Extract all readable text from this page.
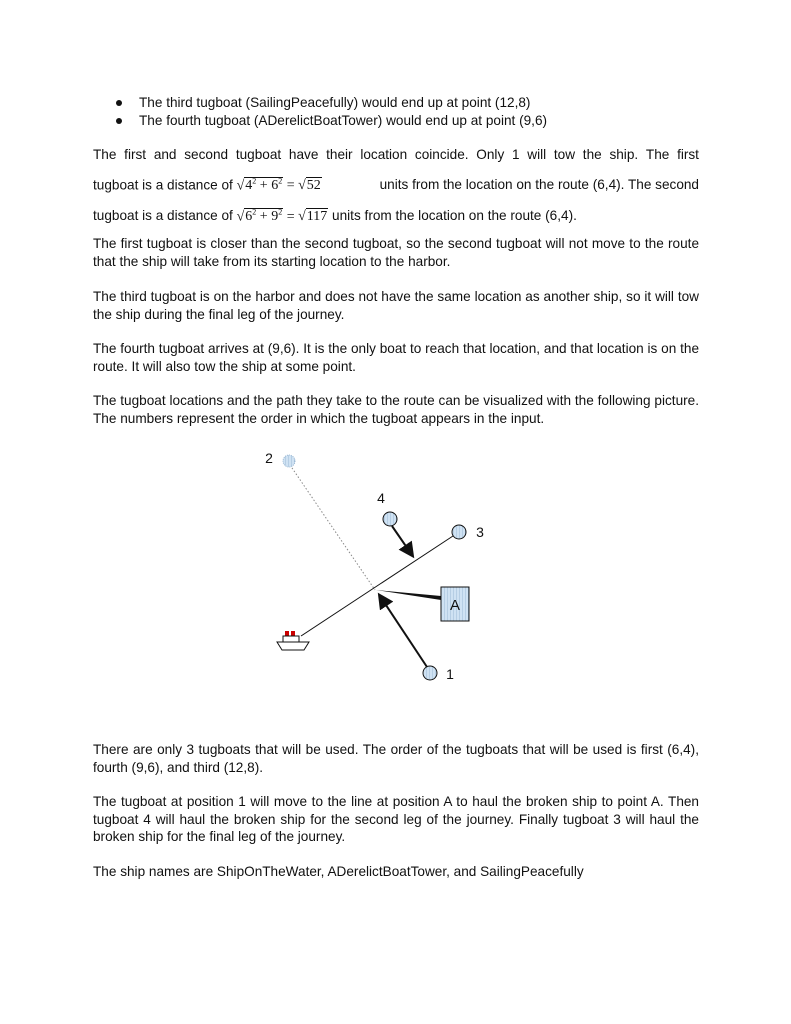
The third tugboat (SailingPeacefully) would end up at point (12,8)
The fourth tugboat (ADerelictBoatTower) would end up at point (9,6)
The first and second tugboat have their location coincide. Only 1 will tow the ship. The first
tugboat is a distance of $√4^2 + 6^2 = √52$	units from the location on the route (6,4). The second
tugboat is a distance of
$√6^2 + 9^2 = √117$
units from the location on the route (6,4).

The first tugboat is closer than the second tugboat, so the second tugboat will not move to the route that the ship will take from its starting location to the harbor.

The third tugboat is on the harbor and does not have the same location as another ship, so it will tow the ship during the final leg of the journey.

The fourth tugboat arrives at (9,6). It is the only boat to reach that location, and that location is on the route. It will also tow the ship at some point.

The tugboat locations and the path they take to the route can be visualized with the following picture. The numbers represent the order in which the tugboat appears in the input.

A
2
4
3
1

There are only 3 tugboats that will be used. The order of the tugboats that will be used is first (6,4), fourth (9,6), and third (12,8).

The tugboat at position 1 will move to the line at position A to haul the broken ship to point A. Then tugboat 4 will haul the broken ship for the second leg of the journey. Finally tugboat 3 will haul the broken ship for the final leg of the journey.

The ship names are ShipOnTheWater, ADerelictBoatTower, and SailingPeacefully
